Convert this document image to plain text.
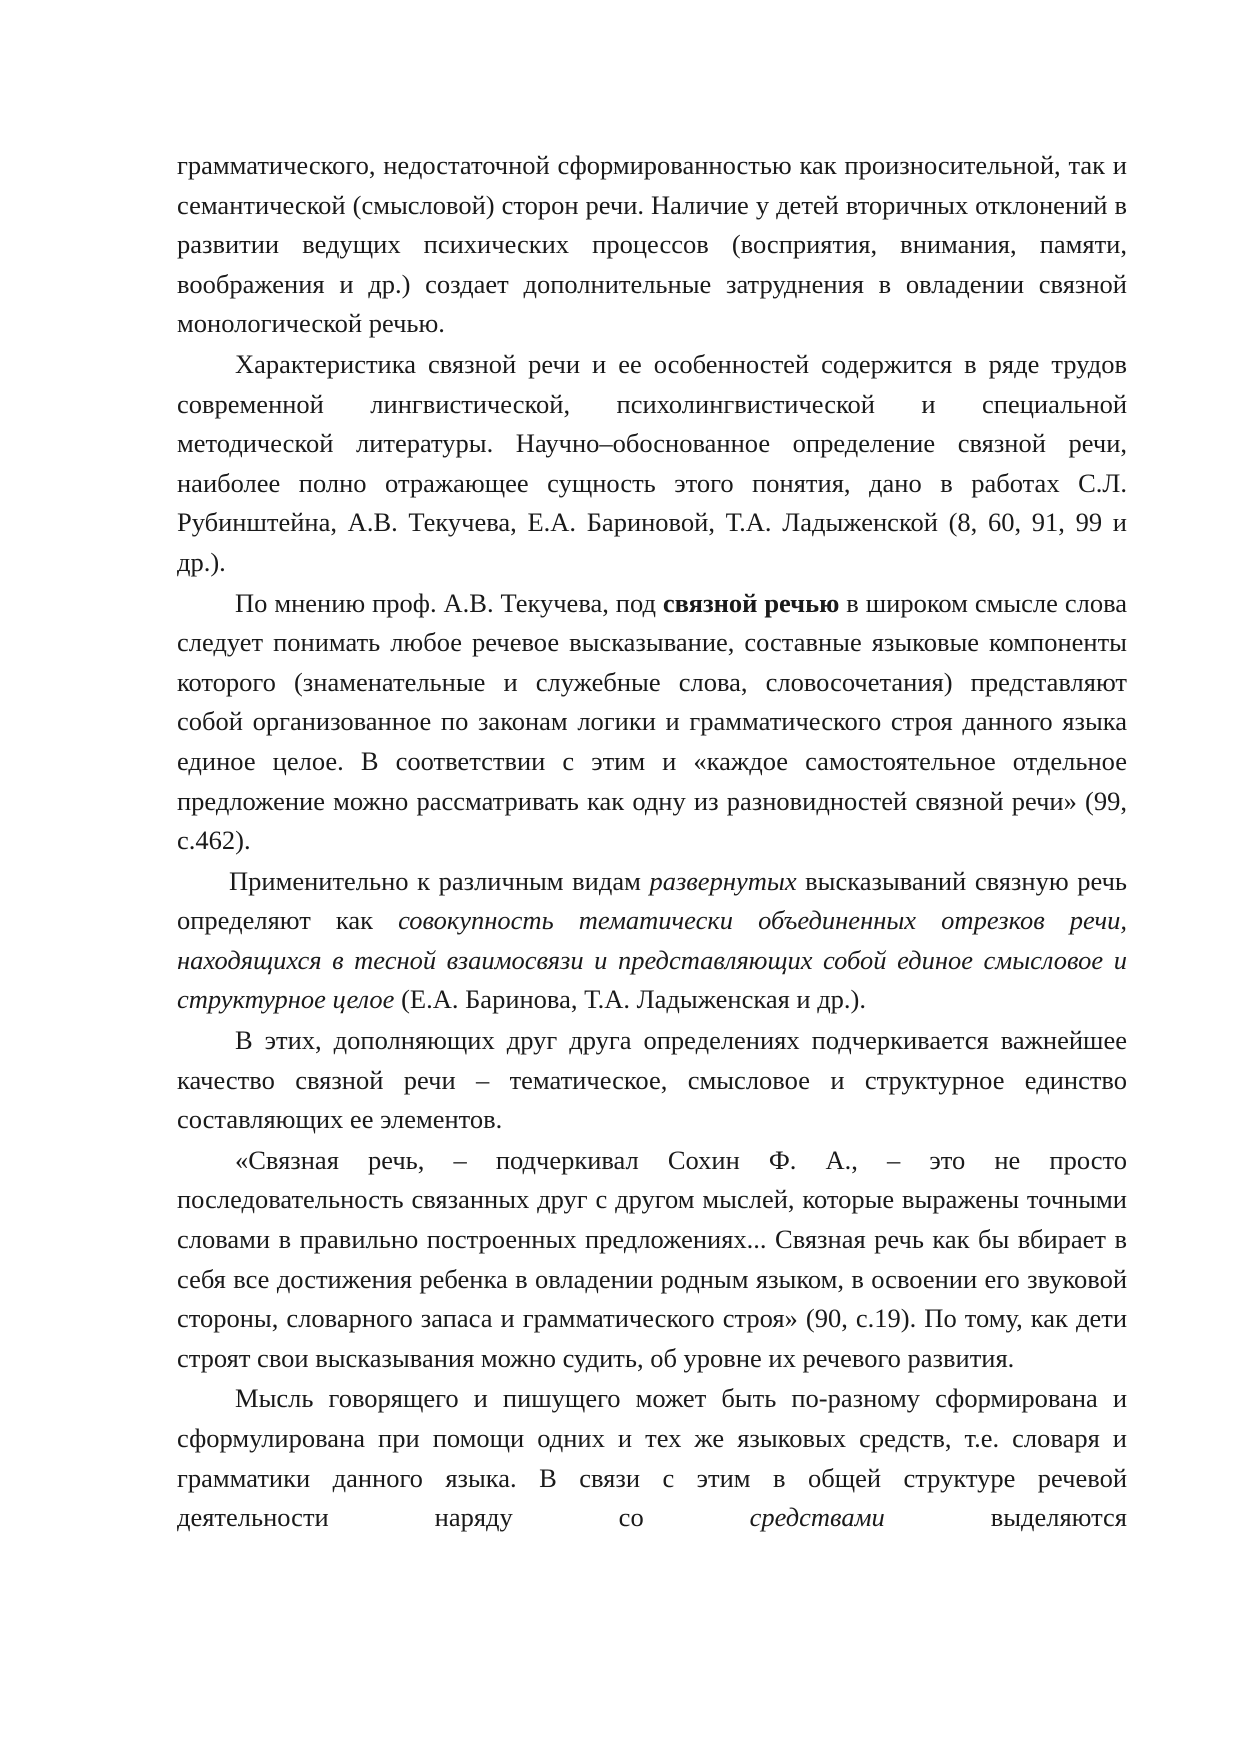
грамматического, недостаточной сформированностью как произносительной, так и семантической (смысловой) сторон речи. Наличие у детей вторичных отклонений в развитии ведущих психических процессов (восприятия, внимания, памяти, воображения и др.) создает дополнительные затруднения в овладении связной монологической речью.

Характеристика связной речи и ее особенностей содержится в ряде трудов современной лингвистической, психолингвистической и специальной методической литературы. Научно–обоснованное определение связной речи, наиболее полно отражающее сущность этого понятия, дано в работах С.Л. Рубинштейна, А.В. Текучева, Е.А. Бариновой, Т.А. Ладыженской (8, 60, 91, 99 и др.).

По мнению проф. А.В. Текучева, под связной речью в широком смысле слова следует понимать любое речевое высказывание, составные языковые компоненты которого (знаменательные и служебные слова, словосочетания) представляют собой организованное по законам логики и грамматического строя данного языка единое целое. В соответствии с этим и «каждое самостоятельное отдельное предложение можно рассматривать как одну из разновидностей связной речи» (99, с.462).

Применительно к различным видам развернутых высказываний связную речь определяют как совокупность тематически объединенных отрезков речи, находящихся в тесной взаимосвязи и представляющих собой единое смысловое и структурное целое (Е.А. Баринова, Т.А. Ладыженская и др.).

В этих, дополняющих друг друга определениях подчеркивается важнейшее качество связной речи – тематическое, смысловое и структурное единство составляющих ее элементов.

«Связная речь, – подчеркивал Сохин Ф. А., – это не просто последовательность связанных друг с другом мыслей, которые выражены точными словами в правильно построенных предложениях... Связная речь как бы вбирает в себя все достижения ребенка в овладении родным языком, в освоении его звуковой стороны, словарного запаса и грамматического строя» (90, с.19). По тому, как дети строят свои высказывания можно судить, об уровне их речевого развития.

Мысль говорящего и пишущего может быть по-разному сформирована и сформулирована при помощи одних и тех же языковых средств, т.е. словаря и грамматики данного языка. В связи с этим в общей структуре речевой деятельности наряду со средствами выделяются
